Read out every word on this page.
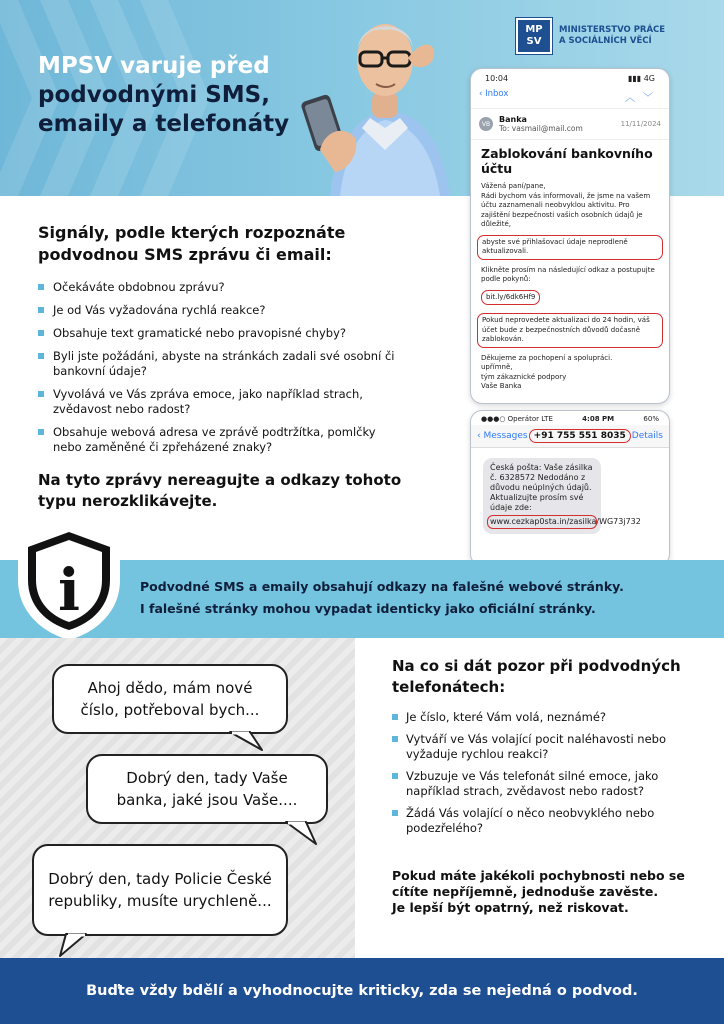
MPSV varuje před
podvodnými SMS,
emaily a telefonáty
MP
SV
MINISTERSTVO PRÁCE
A SOCIÁLNÍCH VĚCÍ
Signály, podle kterých rozpoznáte podvodnou SMS zprávu či email:
Očekáváte obdobnou zprávu?
Je od Vás vyžadována rychlá reakce?
Obsahuje text gramatické nebo pravopisné chyby?
Byli jste požádáni, abyste na stránkách zadali své osobní či bankovní údaje?
Vyvolává ve Vás zpráva emoce, jako například strach, zvědavost nebo radost?
Obsahuje webová adresa ve zprávě podtržítka, pomlčky nebo zaměněné či zpřeházené znaky?

Na tyto zprávy nereagujte a odkazy tohoto typu nerozklikávejte.

10:04	▮▮▮ 4G
‹ Inbox	︿﹀
VB	Banka
To: vasmail@mail.com	11/11/2024
Zablokování bankovního účtu

Vážená paní/pane,
Rádi bychom vás informovali, že jsme na vašem účtu zaznamenali neobvyklou aktivitu. Pro zajištění bezpečnosti vašich osobních údajů je důležité,

abyste své přihlašovací údaje neprodleně aktualizovali.

Klikněte prosím na následující odkaz a postupujte podle pokynů:

bit.ly/6dk6Hf9
Pokud neprovedete aktualizaci do 24 hodin, váš účet bude z bezpečnostních důvodů dočasně zablokován.

Děkujeme za pochopení a spolupráci.
upřímně,
tým zákaznické podpory
Vaše Banka

●●●○ Operátor LTE	4:08 PM	60%
‹ Messages +91 755 551 8035 Details
Česká pošta: Vaše zásilka č. 6328572 Nedodáno z důvodu neúplných údajů. Aktualizujte prosím své údaje zde:
www.cezkap0sta.in/zasilka/WG73j732
Podvodné SMS a emaily obsahují odkazy na falešné webové stránky.
I falešné stránky mohou vypadat identicky jako oficiální stránky.
i
Ahoj dědo, mám nové číslo, potřeboval bych...
Dobrý den, tady Vaše banka, jaké jsou Vaše....
Dobrý den, tady Policie České republiky, musíte urychleně...
Na co si dát pozor při podvodných telefonátech:
Je číslo, které Vám volá, neznámé?
Vytváří ve Vás volající pocit naléhavosti nebo vyžaduje rychlou reakci?
Vzbuzuje ve Vás telefonát silné emoce, jako například strach, zvědavost nebo radost?
Žádá Vás volající o něco neobvyklého nebo podezřelého?
Pokud máte jakékoli pochybnosti nebo se cítíte nepříjemně, jednoduše zavěste.
Je lepší být opatrný, než riskovat.
Buďte vždy bdělí a vyhodnocujte kriticky, zda se nejedná o podvod.
